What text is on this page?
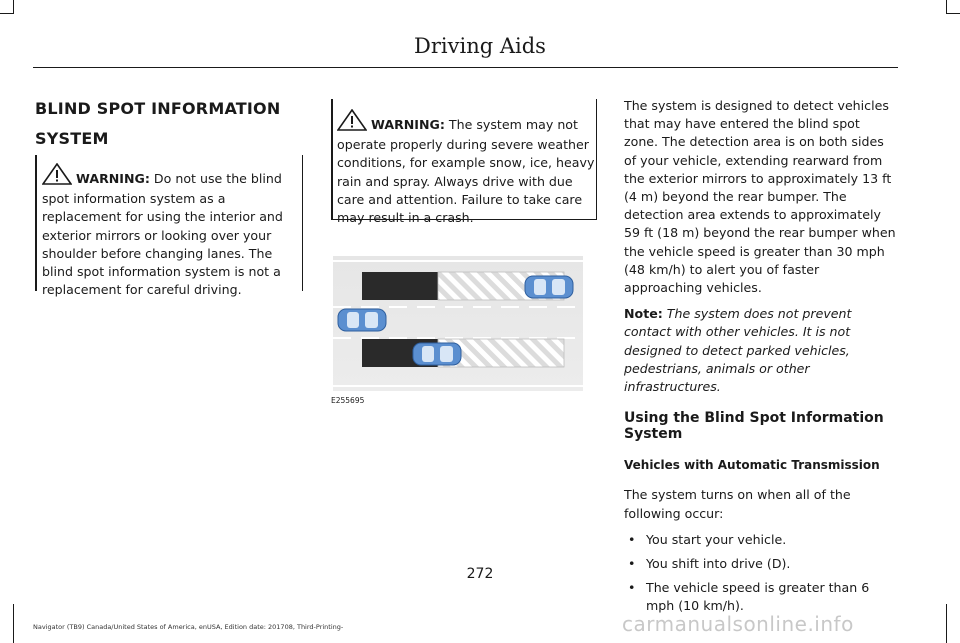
Driving Aids
BLIND SPOT INFORMATION
SYSTEM

WARNING: Do not use the blind spot information system as a replacement for using the interior and exterior mirrors or looking over your shoulder before changing lanes. The blind spot information system is not a replacement for careful driving.

WARNING: The system may not operate properly during severe weather conditions, for example snow, ice, heavy rain and spray. Always drive with due care and attention. Failure to take care may result in a crash.

E255695

The system is designed to detect vehicles that may have entered the blind spot zone. The detection area is on both sides of your vehicle, extending rearward from the exterior mirrors to approximately 13 ft (4 m) beyond the rear bumper. The detection area extends to approximately 59 ft (18 m) beyond the rear bumper when the vehicle speed is greater than 30 mph (48 km/h) to alert you of faster approaching vehicles.

Note: The system does not prevent contact with other vehicles. It is not designed to detect parked vehicles, pedestrians, animals or other infrastructures.

Using the Blind Spot Information System
Vehicles with Automatic Transmission

The system turns on when all of the following occur:

• You start your vehicle.
• You shift into drive (D).
• The vehicle speed is greater than 6 mph (10 km/h).
272
Navigator (TB9) Canada/United States of America, enUSA, Edition date: 201708, Third-Printing-	carmanualsonline.info
